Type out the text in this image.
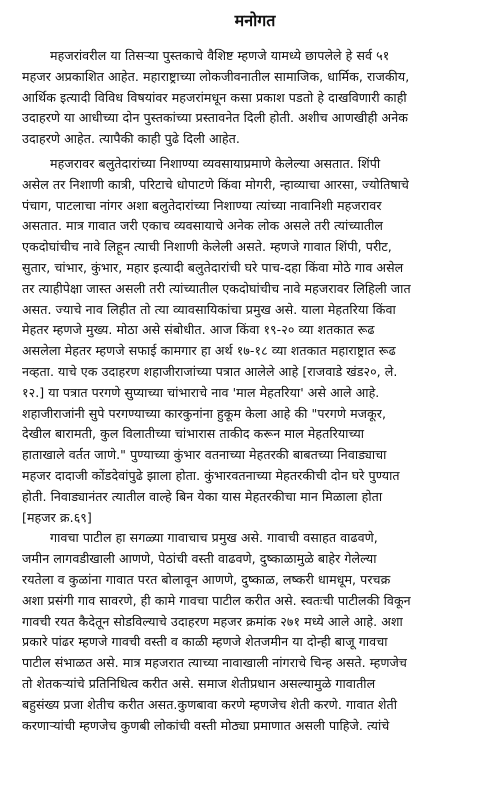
मनोगत
महजरांवरील या तिसऱ्या पुस्तकाचे वैशिष्ट म्हणजे यामध्ये छापलेले हे सर्व ५१
महजर अप्रकाशित आहेत. महाराष्ट्राच्या लोकजीवनातील सामाजिक, धार्मिक, राजकीय,
आर्थिक इत्यादी विविध विषयांवर महजरांमधून कसा प्रकाश पडतो हे दाखविणारी काही
उदाहरणे या आधीच्या दोन पुस्तकांच्या प्रस्तावनेत दिली होती. अशीच आणखीही अनेक
उदाहरणे आहेत. त्यापैकी काही पुढे दिली आहेत.
महजरावर बलुतेदारांच्या निशाण्या व्यवसायाप्रमाणे केलेल्या असतात. शिंपी
असेल तर निशाणी कात्री, परिटाचे धोपाटणे किंवा मोगरी, न्हाव्याचा आरसा, ज्योतिषाचे
पंचाग, पाटलाचा नांगर अशा बलुतेदारांच्या निशाण्या त्यांच्या नावानिशी महजरावर
असतात. मात्र गावात जरी एकाच व्यवसायाचे अनेक लोक असले तरी त्यांच्यातील
एकदोघांचीच नावे लिहून त्याची निशाणी केलेली असते. म्हणजे गावात शिंपी, परीट,
सुतार, चांभार, कुंभार, महार इत्यादी बलुतेदारांची घरे पाच-दहा किंवा मोठे गाव असेल
तर त्याहीपेक्षा जास्त असली तरी त्यांच्यातील एकदोघांचीच नावे महजरावर लिहिली जात
असत. ज्याचे नाव लिहीत तो त्या व्यावसायिकांचा प्रमुख असे. याला मेहतरिया किंवा
मेहतर म्हणजे मुख्य. मोठा असे संबोधीत. आज किंवा १९-२० व्या शतकात रूढ
असलेला मेहतर म्हणजे सफाई कामगार हा अर्थ १७-१८ व्या शतकात महाराष्ट्रात रूढ
नव्हता. याचे एक उदाहरण शहाजीराजांच्या पत्रात आलेले आहे [राजवाडे खंड२०, ले.
१२.] या पत्रात परगणे सुप्याच्या चांभाराचे नाव 'माल मेहतरिया' असे आले आहे.
शहाजीराजांनी सुपे परगण्याच्या कारकुनांना हुकूम केला आहे की "परगणे मजकूर,
देखील बारामती, कुल विलातीच्या चांभारास ताकीद करून माल मेहतरियाच्या
हाताखाले वर्तत जाणे." पुण्याच्या कुंभार वतनाच्या मेहतरकी बाबतच्या निवाड्याचा
महजर दादाजी कोंडदेवांपुढे झाला होता. कुंभारवतनाच्या मेहतरकीची दोन घरे पुण्यात
होती. निवाड्यानंतर त्यातील वाल्हे बिन येका यास मेहतरकीचा मान मिळाला होता
[महजर क्र.६९]
गावचा पाटील हा सगळ्या गावाचाच प्रमुख असे. गावाची वसाहत वाढवणे,
जमीन लागवडीखाली आणणे, पेठांची वस्ती वाढवणे, दुष्काळामुळे बाहेर गेलेल्या
रयतेला व कुळांना गावात परत बोलावून आणणे, दुष्काळ, लष्करी धामधूम, परचक्र
अशा प्रसंगी गाव सावरणे, ही कामे गावचा पाटील करीत असे. स्वतःची पाटीलकी विकून
गावची रयत कैदेतून सोडविल्याचे उदाहरण महजर क्रमांक २७१ मध्ये आले आहे. अशा
प्रकारे पांढर म्हणजे गावची वस्ती व काळी म्हणजे शेतजमीन या दोन्ही बाजू गावचा
पाटील संभाळत असे. मात्र महजरात त्याच्या नावाखाली नांगराचे चिन्ह असते. म्हणजेच
तो शेतकऱ्यांचे प्रतिनिधित्व करीत असे. समाज शेतीप्रधान असल्यामुळे गावातील
बहुसंख्य प्रजा शेतीच करीत असत.कुणबावा करणे म्हणजेच शेती करणे. गावात शेती
करणाऱ्यांची म्हणजेच कुणबी लोकांची वस्ती मोठ्या प्रमाणात असली पाहिजे. त्यांचे
